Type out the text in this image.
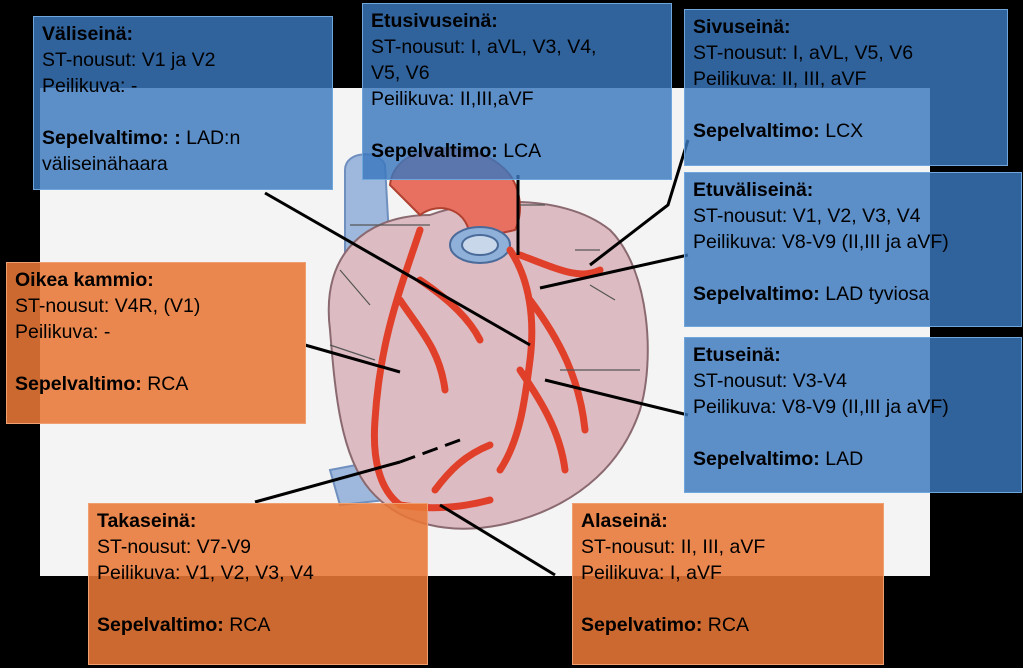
Väliseinä:
ST-nousut: V1 ja V2
Peilikuva: -
Sepelvaltimo: : LAD:n
väliseinähaara
Etusivuseinä:
ST-nousut: I, aVL, V3, V4,
V5, V6
Peilikuva: II,III,aVF
Sepelvaltimo: LCA
Sivuseinä:
ST-nousut: I, aVL, V5, V6
Peilikuva: II, III, aVF
Sepelvaltimo: LCX
Etuväliseinä:
ST-nousut: V1, V2, V3, V4
Peilikuva: V8-V9 (II,III ja aVF)
Sepelvaltimo: LAD tyviosa
Oikea kammio:
ST-nousut: V4R, (V1)
Peilikuva: -
Sepelvaltimo: RCA
Etuseinä:
ST-nousut: V3-V4
Peilikuva: V8-V9 (II,III ja aVF)
Sepelvaltimo: LAD
Takaseinä:
ST-nousut: V7-V9
Peilikuva: V1, V2, V3, V4
Sepelvaltimo: RCA
Alaseinä:
ST-nousut: II, III, aVF
Peilikuva: I, aVF
Sepelvatimo: RCA
